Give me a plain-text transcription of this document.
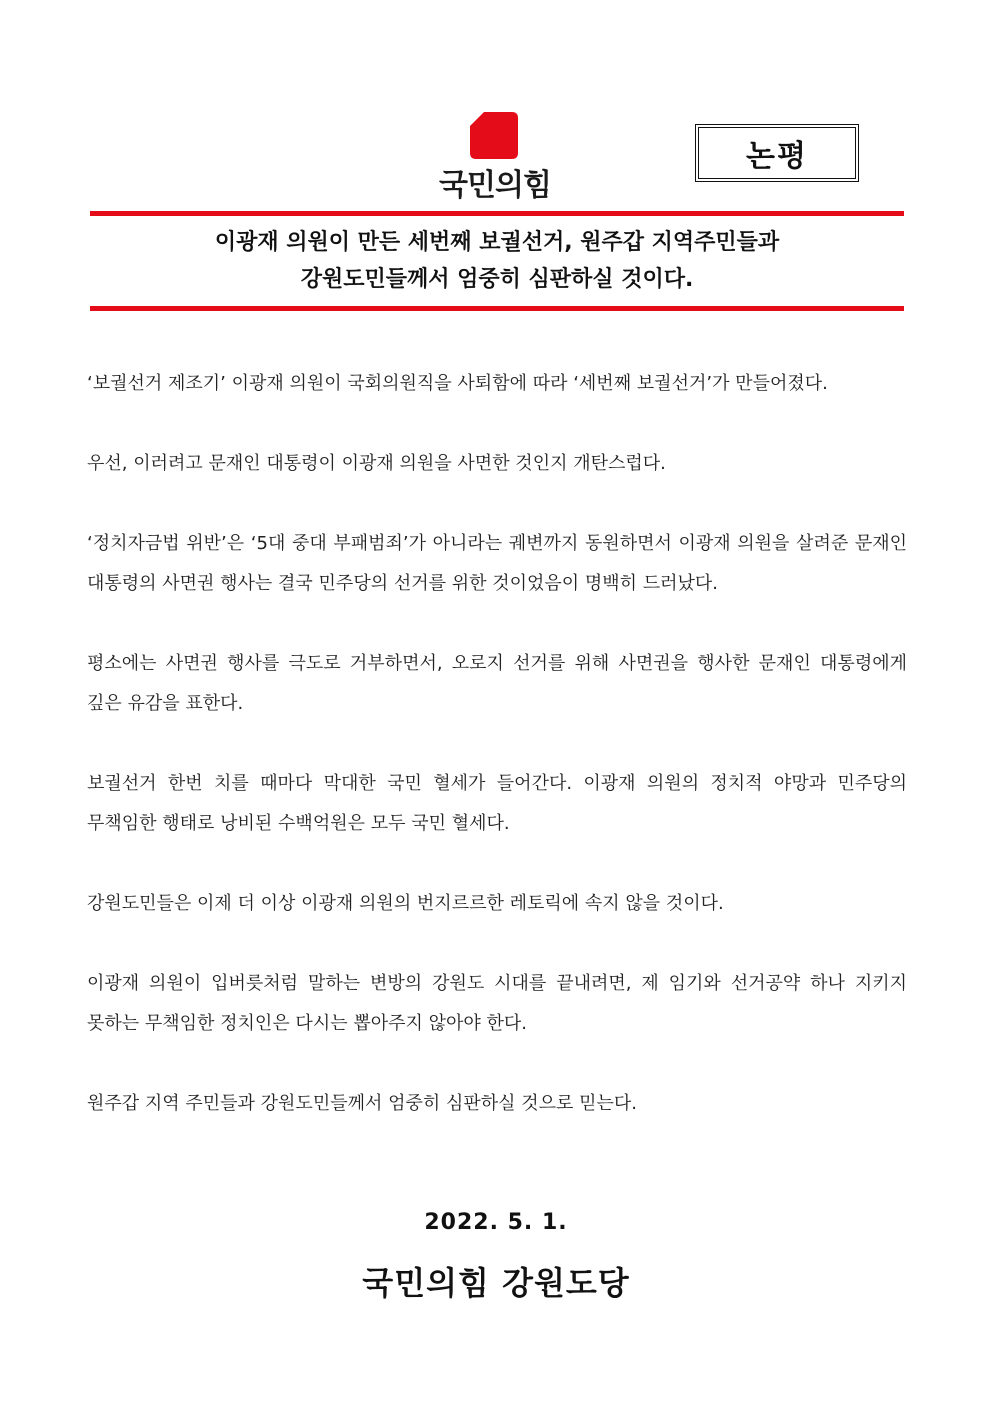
국민의힘
논평
이광재 의원이 만든 세번째 보궐선거, 원주갑 지역주민들과
강원도민들께서 엄중히 심판하실 것이다.

‘보궐선거 제조기’ 이광재 의원이 국회의원직을 사퇴함에 따라 ‘세번째 보궐선거’가 만들어졌다.

우선, 이러려고 문재인 대통령이 이광재 의원을 사면한 것인지 개탄스럽다.

‘정치자금법 위반’은 ‘5대 중대 부패범죄’가 아니라는 궤변까지 동원하면서 이광재 의원을 살려준 문재인 대통령의 사면권 행사는 결국 민주당의 선거를 위한 것이었음이 명백히 드러났다.

평소에는 사면권 행사를 극도로 거부하면서, 오로지 선거를 위해 사면권을 행사한 문재인 대통령에게 깊은 유감을 표한다.

보궐선거 한번 치를 때마다 막대한 국민 혈세가 들어간다. 이광재 의원의 정치적 야망과 민주당의 무책임한 행태로 낭비된 수백억원은 모두 국민 혈세다.

강원도민들은 이제 더 이상 이광재 의원의 번지르르한 레토릭에 속지 않을 것이다.

이광재 의원이 입버릇처럼 말하는 변방의 강원도 시대를 끝내려면, 제 임기와 선거공약 하나 지키지 못하는 무책임한 정치인은 다시는 뽑아주지 않아야 한다.

원주갑 지역 주민들과 강원도민들께서 엄중히 심판하실 것으로 믿는다.

2022. 5. 1.
국민의힘 강원도당
